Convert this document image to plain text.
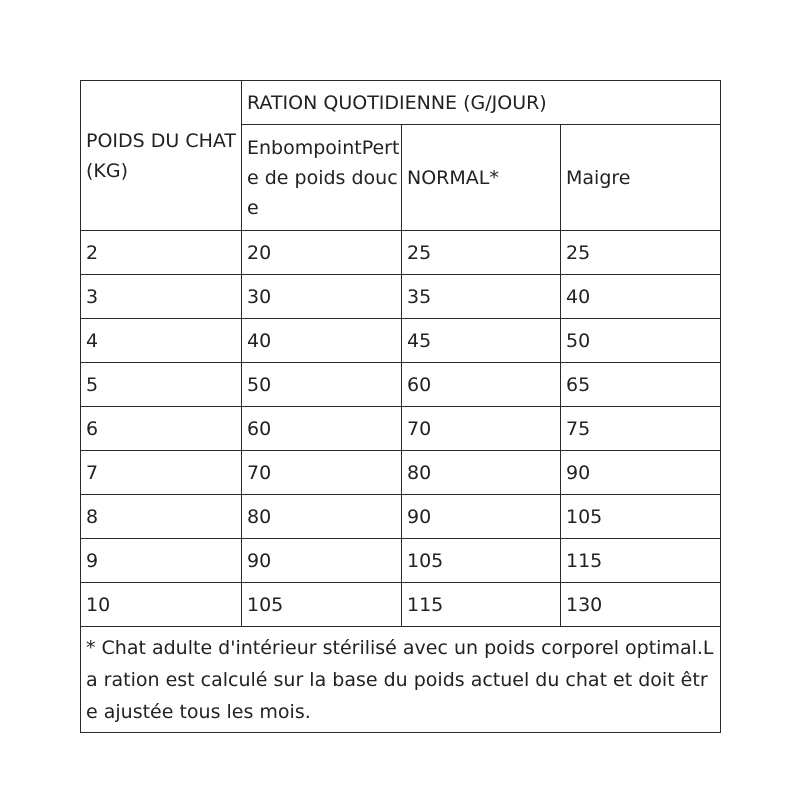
POIDS DU CHAT (KG)	RATION QUOTIDIENNE (G/JOUR)		
	EnbompointPerte de poids douce	NORMAL*	Maigre
2	20	25	25
3	30	35	40
4	40	45	50
5	50	60	65
6	60	70	75
7	70	80	90
8	80	90	105
9	90	105	115
10	105	115	130
* Chat adulte d'intérieur stérilisé avec un poids corporel optimal.La ration est calculé sur la base du poids actuel du chat et doit être ajustée tous les mois.			
